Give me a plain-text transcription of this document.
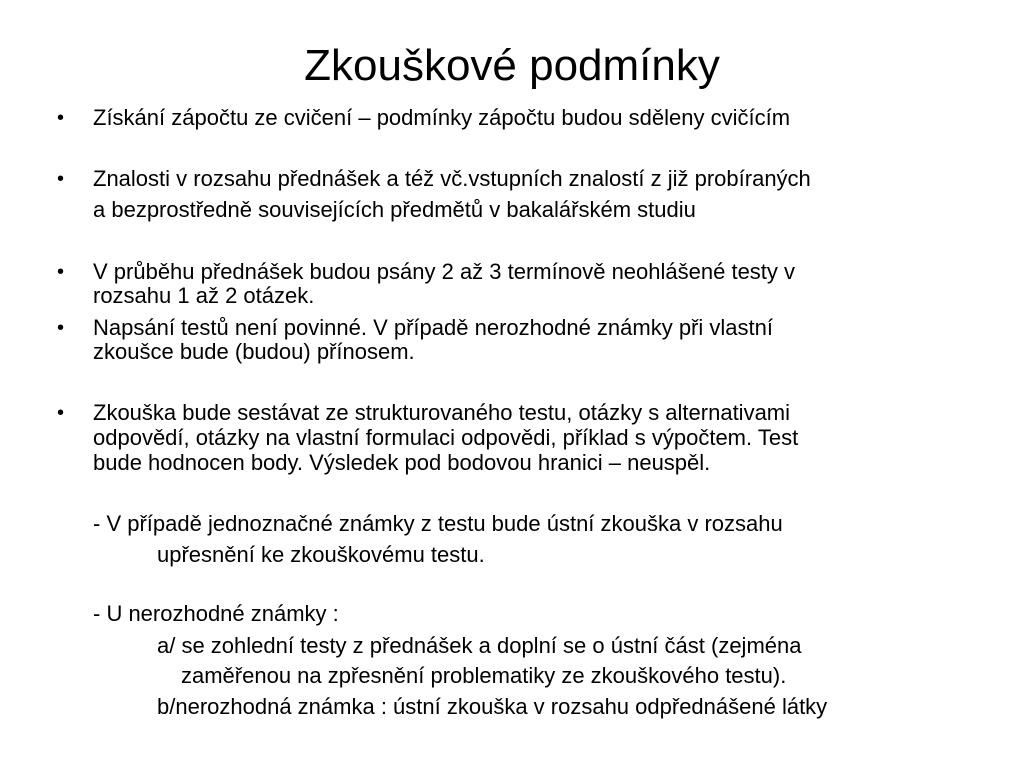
Zkouškové podmínky
• Získání zápočtu ze cvičení – podmínky zápočtu budou sděleny cvičícím
• Znalosti v rozsahu přednášek a též vč.vstupních znalostí z již probíraných
a bezprostředně souvisejících předmětů v bakalářském studiu
• V průběhu přednášek budou psány 2 až 3 termínově neohlášené testy v
rozsahu 1 až 2 otázek.
• Napsání testů není povinné. V případě nerozhodné známky při vlastní
zkoušce bude (budou) přínosem.
• Zkouška bude sestávat ze strukturovaného testu, otázky s alternativami
odpovědí, otázky na vlastní formulaci odpovědi, příklad s výpočtem. Test
bude hodnocen body. Výsledek pod bodovou hranici – neuspěl.
- V případě jednoznačné známky z testu bude ústní zkouška v rozsahu
upřesnění ke zkouškovému testu.
- U nerozhodné známky :
a/ se zohlední testy z přednášek a doplní se o ústní část (zejména
zaměřenou na zpřesnění problematiky ze zkouškového testu).
b/nerozhodná známka : ústní zkouška v rozsahu odpřednášené látky
